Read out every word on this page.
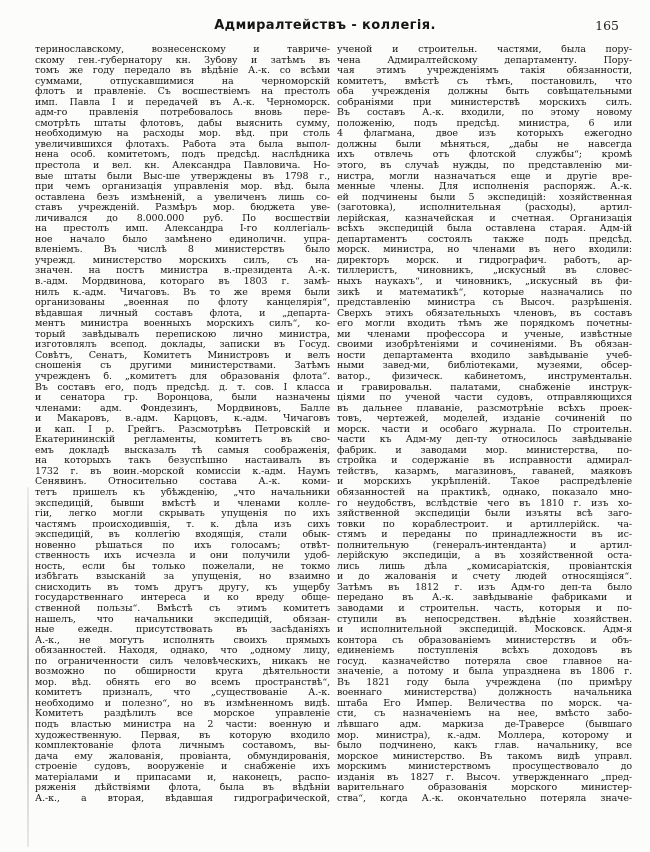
Адмиралтействъ - коллегія.	165
теринославскому, вознесенскому и тавриче-
скому ген.-губернатору кн. Зубову и затѣмъ въ
томъ же году передало въ вѣдѣніе А.-к. со всѣми
суммами, отпускавшимися на черноморскій
флотъ и правленіе. Съ восшествіемъ на престолъ
имп. Павла I и передачей въ А.-к. Черноморск.
адм-го правленія потребовалось вновь пере-
смотрѣть штаты флотовъ, дабы выяснить сумму,
необходимую на расходы мор. вѣд. при столь
увеличившихся флотахъ. Работа эта была выпол-
нена особ. комитетомъ, подъ предсѣд. наслѣдника
престола и вел. кн. Александра Павловича. Но-
вые штаты были Выс-ше утверждены въ 1798 г.,
при чемъ организація управленія мор. вѣд. была
оставлена безъ измѣненій, а увеличенъ лишь со-
ставъ учрежденій. Размѣръ мор. бюджета уве-
личивался до 8.000.000 руб. По восшествіи
на престолъ имп. Александра I-го коллегіаль-
ное начало было замѣнено единоличн. упра-
вленіемъ. Въ числѣ 8 министерствъ было
учрежд. министерство морскихъ силъ, съ на-
значен. на постъ министра в.-президента А.-к.
в.-адм. Мордвинова, котораго въ 1803 г. замѣ-
нилъ к.-адм. Чичаговъ. Въ то же время были
организованы „военная по флоту канцелярія“,
вѣдавшая личный составъ флота, и „департа-
ментъ министра военныхъ морскихъ силъ“, ко-
торый завѣдывалъ перепискою лично министра,
изготовлялъ всепод. доклады, записки въ Госуд.
Совѣтъ, Сенатъ, Комитетъ Министровъ и велъ
сношенія съ другими министерствами. Затѣмъ
учрежденъ б. „комитетъ для образованія флота“.
Въ составъ его, подъ предсѣд. д. т. сов. I класса
и сенатора гр. Воронцова, были назначены
членами: адм. Фондезинъ, Мордвиновъ, Балле
и Макаровъ, в.-адм. Карцовъ, к.-адм. Чичаговъ
и кап. I р. Грейгъ. Разсмотрѣвъ Петровскій и
Екатерининскій регламенты, комитетъ въ сво-
емъ докладѣ высказалъ тѣ самыя соображенія,
на которыхъ такъ безуспѣшно настаивалъ въ
1732 г. въ воин.-морской комиссіи к.-адм. Наумъ
Сенявинъ. Относительно состава А.-к. коми-
тетъ пришелъ къ убѣжденію, „что начальники
экспедицій, бывши вмѣстѣ и членами колле-
гіи, легко могли скрывать упущенія по ихъ
частямъ происходившія, т. к. дѣла изъ сихъ
экспедицій, въ коллегію входящія, стали обык-
новенно рѣшаться по ихъ голосамъ; отвѣт-
ственность ихъ исчезла и они получили удоб-
ность, если бы только пожелали, не токмо
избѣгать взысканій за упущенія, но взаимно
снисходить въ томъ другъ другу, къ ущербу
государственнаго интереса и ко вреду обще-
ственной пользы“. Вмѣстѣ съ этимъ комитетъ
нашелъ, что начальники экспедицій, обязан-
ные ежедн. присутствовать въ засѣданіяхъ
А.-к., не могутъ исполнять своихъ прямыхъ
обязанностей. Находя, однако, что „одному лицу,
по ограниченности силъ человѣческихъ, никакъ не
возможно по обширности круга дѣятельности
мор. вѣд. обнять его во всемъ пространствѣ“,
комитетъ призналъ, что „существованіе А.-к.
необходимо и полезно“, но въ измѣненномъ видѣ.
Комитетъ раздѣлилъ все морское управленіе
подъ властью министра на 2 части: военную и
художественную. Первая, въ которую входило
комплектованіе флота личнымъ составомъ, вы-
дача ему жалованія, провіанта, обмундированія,
строеніе судовъ, вооруженіе и снабженіе ихъ
матеріалами и припасами и, наконецъ, распо-
ряженія дѣйствіями флота, была въ вѣдѣніи
А.-к., а вторая, вѣдавшая гидрографической,
ученой и строительн. частями, была пору-
чена Адмиралтейскому департаменту. Пору-
чая этимъ учрежденіямъ такія обязанности,
комитетъ, вмѣстѣ съ тѣмъ, постановилъ, что
оба учрежденія должны быть совѣщательными
собраніями при министерствѣ морскихъ силъ.
Въ составъ А.-к. входили, по этому новому
положенію, подъ предсѣд. министра, 6 или
4 флагмана, двое изъ которыхъ ежегодно
должны были мѣняться, „дабы не навсегда
ихъ отвлечь отъ флотской службы“; кромѣ
этого, въ случаѣ нужды, по представленію ми-
нистра, могли назначаться еще и другіе вре-
менные члены. Для исполненія распоряж. А.-к.
ей подчинены были 5 экспедицій: хозяйственная
(заготовка), исполнительная (расходы), артил-
лерійская, казначейская и счетная. Организація
всѣхъ экспедицій была оставлена старая. Адм-ій
департаментъ состоялъ также подъ предсѣд.
морск. министра, но членами въ него входили:
директоръ морск. и гидрографич. работъ, ар-
тиллеристъ, чиновникъ, „искусный въ словес-
ныхъ наукахъ“, и чиновникъ, „искусный въ фи-
зикѣ и математикѣ“, которые назначались по
представленію министра съ Высоч. разрѣшенія.
Сверхъ этихъ обязательныхъ членовъ, въ составъ
его могли входить тѣмъ же порядкомъ почетны-
ми членами профессора и ученые, извѣстные
своими изобрѣтеніями и сочиненіями. Въ обязан-
ности департамента входило завѣдываніе учеб-
ными завед-ми, библіотеками, музеями, обсер-
ватор., физическ. кабинетомъ, инструментальн.
и гравировальн. палатами, снабженіе инструк-
ціями по ученой части судовъ, отправляющихся
въ дальнее плаваніе, разсмотрѣніе всѣхъ проек-
товъ, чертежей, моделей, изданіе сочиненій по
морск. части и особаго журнала. По строительн.
части къ Адм-му деп-ту относилось завѣдываніе
фабрик. и заводами мор. министерства, по-
стройка и содержаніе въ исправности адмирал-
тействъ, казармъ, магазиновъ, гаваней, маяковъ
и морскихъ укрѣпленій. Такое распредѣленіе
обязанностей на практикѣ, однако, показало мно-
го неудобствъ, вслѣдствіе чего въ 1810 г. изъ хо-
зяйственной экспедиціи были изъяты всѣ заго-
товки по кораблестроит. и артиллерійск. ча-
стямъ и переданы по принадлежности въ ис-
полнительную (генералъ-интенданта) и артил-
лерійскую экспедиціи, а въ хозяйственной оста-
лись лишь дѣла „комисаріатскія, провіантскія
и до жалованія и счету людей относящіяся“.
Затѣмъ въ 1812 г. изъ Адм-го деп-та было
передано въ А.-к. завѣдываніе фабриками и
заводами и строительн. часть, которыя и по-
ступили въ непосредствен. вѣдѣніе хозяйствен.
и исполнительной экспедицій. Московск. Адм-я
контора съ образованіемъ министерствъ и объ-
единеніемъ поступленія всѣхъ доходовъ въ
госуд. казначейство потеряла свое главное на-
значеніе, а потому и была упразднена въ 1806 г.
Въ 1821 году была учреждена (по примѣру
военнаго министерства) должность начальника
штаба Его Импер. Величества по морск. ча-
сти, съ назначеніемъ на нее, вмѣсто забо-
лѣвшаго адм. маркиза де-Траверсе (бывшаго
мор. министра), к.-адм. Моллера, которому и
было подчинено, какъ глав. начальнику, все
морское министерство. Въ такомъ видѣ управл.
морскимъ министерствомъ просуществовало до
изданія въ 1827 г. Высоч. утвержденнаго „пред-
варительнаго образованія морского министер-
ства“, когда А.-к. окончательно потеряла значе-
